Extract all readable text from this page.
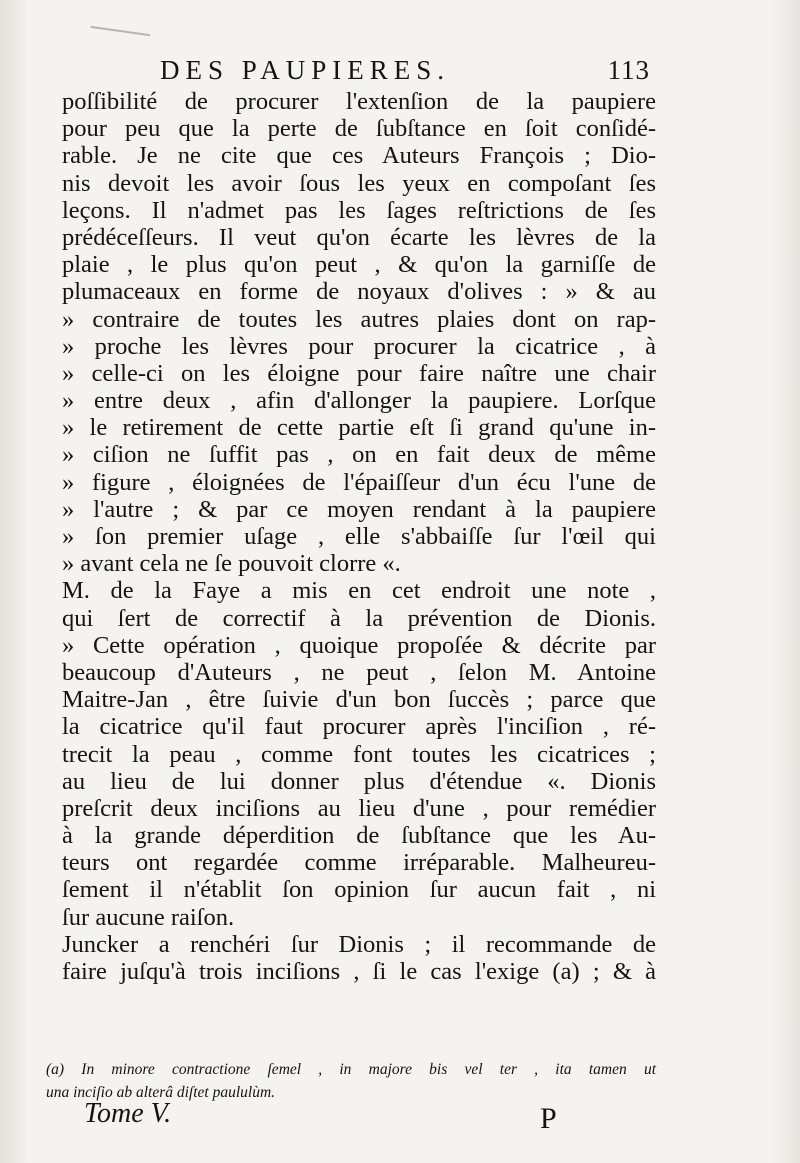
DES PAUPIERES.	113
poſſibilité de procurer l'extenſion de la paupiere
pour peu que la perte de ſubſtance en ſoit conſidé-
rable. Je ne cite que ces Auteurs François ; Dio-
nis devoit les avoir ſous les yeux en compoſant ſes
leçons. Il n'admet pas les ſages reſtrictions de ſes
prédéceſſeurs. Il veut qu'on écarte les lèvres de la
plaie , le plus qu'on peut , & qu'on la garniſſe de
plumaceaux en forme de noyaux d'olives : » & au
» contraire de toutes les autres plaies dont on rap-
» proche les lèvres pour procurer la cicatrice , à
» celle-ci on les éloigne pour faire naître une chair
» entre deux , afin d'allonger la paupiere. Lorſque
» le retirement de cette partie eſt ſi grand qu'une in-
» ciſion ne ſuffit pas , on en fait deux de même
» figure , éloignées de l'épaiſſeur d'un écu l'une de
» l'autre ; & par ce moyen rendant à la paupiere
» ſon premier uſage , elle s'abbaiſſe ſur l'œil qui
» avant cela ne ſe pouvoit clorre «.
M. de la Faye a mis en cet endroit une note ,
qui ſert de correctif à la prévention de Dionis.
» Cette opération , quoique propoſée & décrite par
beaucoup d'Auteurs , ne peut , ſelon M. Antoine
Maitre-Jan , être ſuivie d'un bon ſuccès ; parce que
la cicatrice qu'il faut procurer après l'inciſion , ré-
trecit la peau , comme font toutes les cicatrices ;
au lieu de lui donner plus d'étendue «. Dionis
preſcrit deux inciſions au lieu d'une , pour remédier
à la grande déperdition de ſubſtance que les Au-
teurs ont regardée comme irréparable. Malheureu-
ſement il n'établit ſon opinion ſur aucun fait , ni
ſur aucune raiſon.
Juncker a renchéri ſur Dionis ; il recommande de
faire juſqu'à trois inciſions , ſi le cas l'exige (a) ; & à
(a) In minore contractione ſemel , in majore bis vel ter , ita tamen ut
una inciſio ab alterâ diſtet paululùm.
Tome V.	P
